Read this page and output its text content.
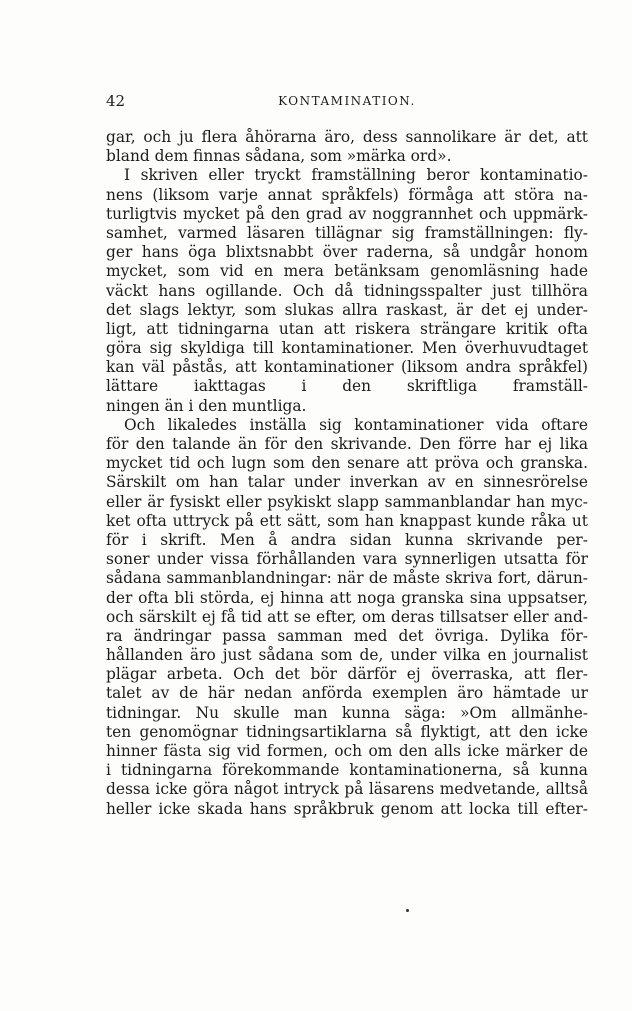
42	KONTAMINATION.
gar, och ju flera åhörarna äro, dess sannolikare är det, att
bland dem finnas sådana, som »märka ord».
I skriven eller tryckt framställning beror kontaminatio-
nens (liksom varje annat språkfels) förmåga att störa na-
turligtvis mycket på den grad av noggrannhet och uppmärk-
samhet, varmed läsaren tillägnar sig framställningen: fly-
ger hans öga blixtsnabbt över raderna, så undgår honom
mycket, som vid en mera betänksam genomläsning hade
väckt hans ogillande. Och då tidningsspalter just tillhöra
det slags lektyr, som slukas allra raskast, är det ej under-
ligt, att tidningarna utan att riskera strängare kritik ofta
göra sig skyldiga till kontaminationer. Men överhuvudtaget
kan väl påstås, att kontaminationer (liksom andra språkfel)
lättare iakttagas i den skriftliga framställ-
ningen än i den muntliga.
Och likaledes inställa sig kontaminationer vida oftare
för den talande än för den skrivande. Den förre har ej lika
mycket tid och lugn som den senare att pröva och granska.
Särskilt om han talar under inverkan av en sinnesrörelse
eller är fysiskt eller psykiskt slapp sammanblandar han myc-
ket ofta uttryck på ett sätt, som han knappast kunde råka ut
för i skrift. Men å andra sidan kunna skrivande per-
soner under vissa förhållanden vara synnerligen utsatta för
sådana sammanblandningar: när de måste skriva fort, därun-
der ofta bli störda, ej hinna att noga granska sina uppsatser,
och särskilt ej få tid att se efter, om deras tillsatser eller and-
ra ändringar passa samman med det övriga. Dylika för-
hållanden äro just sådana som de, under vilka en journalist
plägar arbeta. Och det bör därför ej överraska, att fler-
talet av de här nedan anförda exemplen äro hämtade ur
tidningar. Nu skulle man kunna säga: »Om allmänhe-
ten genomögnar tidningsartiklarna så flyktigt, att den icke
hinner fästa sig vid formen, och om den alls icke märker de
i tidningarna förekommande kontaminationerna, så kunna
dessa icke göra något intryck på läsarens medvetande, alltså
heller icke skada hans språkbruk genom att locka till efter-
